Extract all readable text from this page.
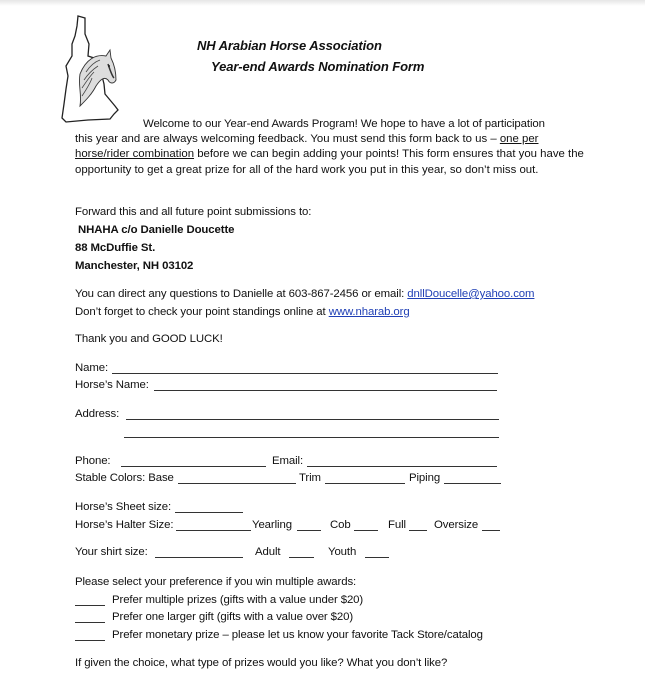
NH Arabian Horse Association
Year-end Awards Nomination Form
Welcome to our Year-end Awards Program! We hope to have a lot of participation
this year and are always welcoming feedback. You must send this form back to us – one per horse/rider combination before we can begin adding your points! This form ensures that you have the opportunity to get a great prize for all of the hard work you put in this year, so don’t miss out.
Forward this and all future point submissions to:
NHAHA c/o Danielle Doucette
88 McDuffie St.
Manchester, NH 03102
You can direct any questions to Danielle at 603-867-2456 or email: dnllDoucelle@yahoo.com
Don’t forget to check your point standings online at www.nharab.org
Thank you and GOOD LUCK!
Name:
Horse’s Name:
Address:
Phone:	Email:
Stable Colors: Base	Trim	Piping
Horse’s Sheet size:
Horse’s Halter Size:	Yearling	Cob	Full Oversize
Your shirt size:	Adult	Youth
Please select your preference if you win multiple awards:
Prefer multiple prizes (gifts with a value under $20)
Prefer one larger gift (gifts with a value over $20)
Prefer monetary prize – please let us know your favorite Tack Store/catalog
If given the choice, what type of prizes would you like? What you don’t like?
